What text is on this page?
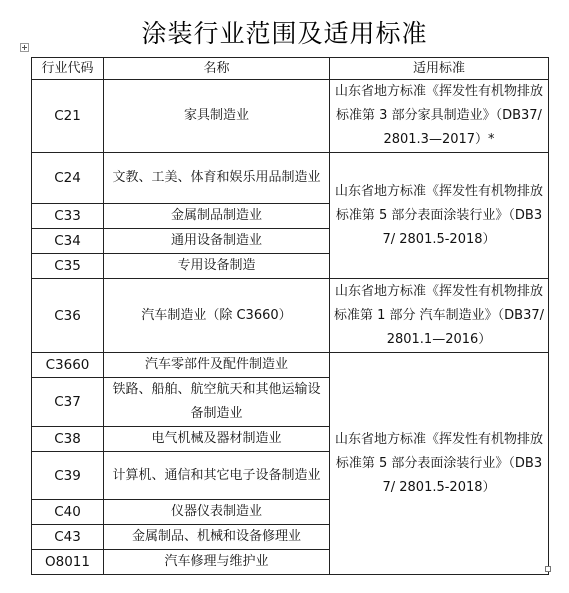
涂装行业范围及适用标准
行业代码	名称	适用标准
C21	家具制造业	山东省地方标准《挥发性有机物排放标准第 3 部分家具制造业》（DB37/ 2801.3—2017）*
C24	文教、工美、体育和娱乐用品制造业	山东省地方标准《挥发性有机物排放标准第 5 部分表面涂装行业》（DB37/ 2801.5-2018）
C33	金属制品制造业	
C34	通用设备制造业	
C35	专用设备制造	
C36	汽车制造业（除 C3660）	山东省地方标准《挥发性有机物排放标准第 1 部分 汽车制造业》（DB37/ 2801.1—2016）
C3660	汽车零部件及配件制造业	山东省地方标准《挥发性有机物排放标准第 5 部分表面涂装行业》（DB37/ 2801.5-2018）
C37	铁路、船舶、航空航天和其他运输设备制造业	
C38	电气机械及器材制造业	
C39	计算机、通信和其它电子设备制造业	
C40	仪器仪表制造业	
C43	金属制品、机械和设备修理业	
O8011	汽车修理与维护业	
